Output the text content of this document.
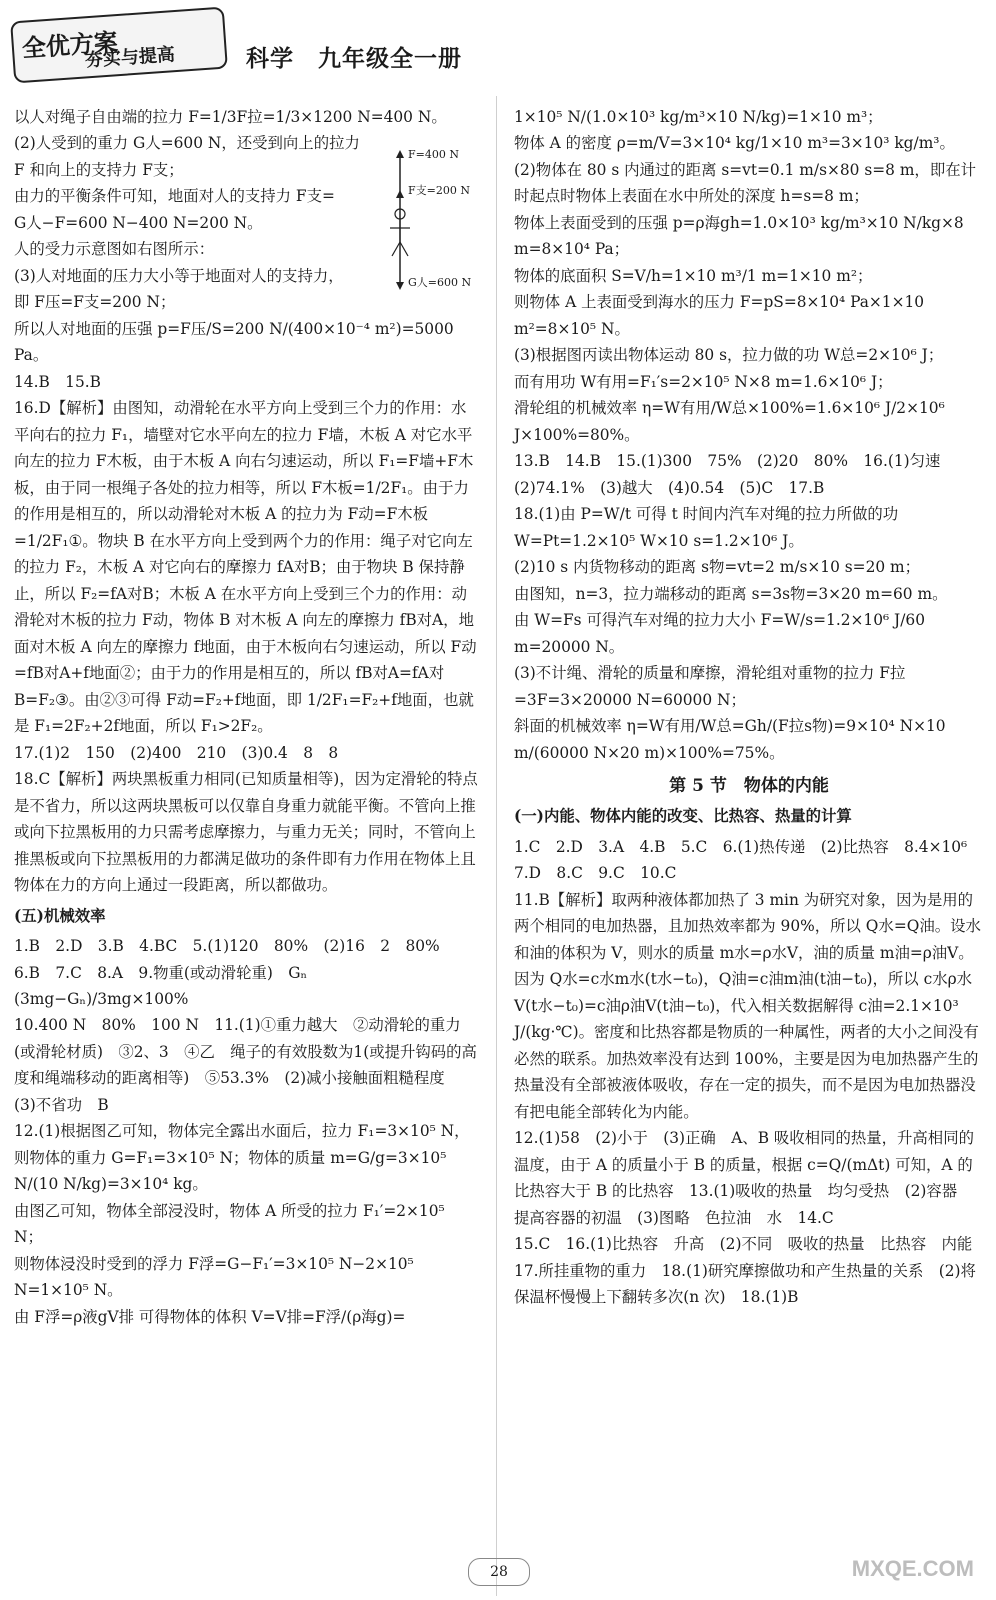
全优方案
夯实与提高	科学　九年级全一册

以人对绳子自由端的拉力 F=1/3F拉=1/3×1200 N=400 N。

(2)人受到的重力 G人=600 N，还受到向上的拉力

F 和向上的支持力 F支；

由力的平衡条件可知，地面对人的支持力 F支=

G人−F=600 N−400 N=200 N。

人的受力示意图如右图所示：

(3)人对地面的压力大小等于地面对人的支持力，

即 F压=F支=200 N；

所以人对地面的压强 p=F压/S=200 N/(400×10⁻⁴ m²)=5000 Pa。

14.B　15.B

16.D【解析】由图知，动滑轮在水平方向上受到三个力的作用：水平向右的拉力 F₁，墙壁对它水平向左的拉力 F墙，木板 A 对它水平向左的拉力 F木板，由于木板 A 向右匀速运动，所以 F₁=F墙+F木板，由于同一根绳子各处的拉力相等，所以 F木板=1/2F₁。由于力的作用是相互的，所以动滑轮对木板 A 的拉力为 F动=F木板=1/2F₁①。物块 B 在水平方向上受到两个力的作用：绳子对它向左的拉力 F₂，木板 A 对它向右的摩擦力 fA对B；由于物块 B 保持静止，所以 F₂=fA对B；木板 A 在水平方向上受到三个力的作用：动滑轮对木板的拉力 F动，物体 B 对木板 A 向左的摩擦力 fB对A，地面对木板 A 向左的摩擦力 f地面，由于木板向右匀速运动，所以 F动=fB对A+f地面②；由于力的作用是相互的，所以 fB对A=fA对B=F₂③。由②③可得 F动=F₂+f地面，即 1/2F₁=F₂+f地面，也就是 F₁=2F₂+2f地面，所以 F₁>2F₂。

17.(1)2　150　(2)400　210　(3)0.4　8　8

18.C【解析】两块黑板重力相同(已知质量相等)，因为定滑轮的特点是不省力，所以这两块黑板可以仅靠自身重力就能平衡。不管向上推或向下拉黑板用的力只需考虑摩擦力，与重力无关；同时，不管向上推黑板或向下拉黑板用的力都满足做功的条件即有力作用在物体上且物体在力的方向上通过一段距离，所以都做功。

(五)机械效率

1.B　2.D　3.B　4.BC　5.(1)120　80%　(2)16　2　80%

6.B　7.C　8.A　9.物重(或动滑轮重)　Gₙ　(3mg−Gₙ)/3mg×100%

10.400 N　80%　100 N　11.(1)①重力越大　②动滑轮的重力(或滑轮材质)　③2、3　④乙　绳子的有效股数为1(或提升钩码的高度和绳端移动的距离相等)　⑤53.3%　(2)减小接触面粗糙程度　(3)不省功　B

12.(1)根据图乙可知，物体完全露出水面后，拉力 F₁=3×10⁵ N，则物体的重力 G=F₁=3×10⁵ N；物体的质量 m=G/g=3×10⁵ N/(10 N/kg)=3×10⁴ kg。

由图乙可知，物体全部浸没时，物体 A 所受的拉力 F₁′=2×10⁵ N；

则物体浸没时受到的浮力 F浮=G−F₁′=3×10⁵ N−2×10⁵ N=1×10⁵ N。

由 F浮=ρ液gV排 可得物体的体积 V=V排=F浮/(ρ海g)=

F=400 N
F支=200 N
G人=600 N

1×10⁵ N/(1.0×10³ kg/m³×10 N/kg)=1×10 m³；

物体 A 的密度 ρ=m/V=3×10⁴ kg/1×10 m³=3×10³ kg/m³。

(2)物体在 80 s 内通过的距离 s=vt=0.1 m/s×80 s=8 m，即在计时起点时物体上表面在水中所处的深度 h=s=8 m；

物体上表面受到的压强 p=ρ海gh=1.0×10³ kg/m³×10 N/kg×8 m=8×10⁴ Pa；

物体的底面积 S=V/h=1×10 m³/1 m=1×10 m²；

则物体 A 上表面受到海水的压力 F=pS=8×10⁴ Pa×1×10 m²=8×10⁵ N。

(3)根据图丙读出物体运动 80 s，拉力做的功 W总=2×10⁶ J；

而有用功 W有用=F₁′s=2×10⁵ N×8 m=1.6×10⁶ J；

滑轮组的机械效率 η=W有用/W总×100%=1.6×10⁶ J/2×10⁶ J×100%=80%。

13.B　14.B　15.(1)300　75%　(2)20　80%　16.(1)匀速　(2)74.1%　(3)越大　(4)0.54　(5)C　17.B

18.(1)由 P=W/t 可得 t 时间内汽车对绳的拉力所做的功 W=Pt=1.2×10⁵ W×10 s=1.2×10⁶ J。

(2)10 s 内货物移动的距离 s物=vt=2 m/s×10 s=20 m；

由图知，n=3，拉力端移动的距离 s=3s物=3×20 m=60 m。

由 W=Fs 可得汽车对绳的拉力大小 F=W/s=1.2×10⁶ J/60 m=20000 N。

(3)不计绳、滑轮的质量和摩擦，滑轮组对重物的拉力 F拉=3F=3×20000 N=60000 N；

斜面的机械效率 η=W有用/W总=Gh/(F拉s物)=9×10⁴ N×10 m/(60000 N×20 m)×100%=75%。

第 5 节　物体的内能

(一)内能、物体内能的改变、比热容、热量的计算

1.C　2.D　3.A　4.B　5.C　6.(1)热传递　(2)比热容　8.4×10⁶　7.D　8.C　9.C　10.C

11.B【解析】取两种液体都加热了 3 min 为研究对象，因为是用的两个相同的电加热器，且加热效率都为 90%，所以 Q水=Q油。设水和油的体积为 V，则水的质量 m水=ρ水V，油的质量 m油=ρ油V。因为 Q水=c水m水(t水−t₀)，Q油=c油m油(t油−t₀)，所以 c水ρ水V(t水−t₀)=c油ρ油V(t油−t₀)，代入相关数据解得 c油=2.1×10³ J/(kg·℃)。密度和比热容都是物质的一种属性，两者的大小之间没有必然的联系。加热效率没有达到 100%，主要是因为电加热器产生的热量没有全部被液体吸收，存在一定的损失，而不是因为电加热器没有把电能全部转化为内能。

12.(1)58　(2)小于　(3)正确　A、B 吸收相同的热量，升高相同的温度，由于 A 的质量小于 B 的质量，根据 c=Q/(mΔt) 可知，A 的比热容大于 B 的比热容　13.(1)吸收的热量　均匀受热　(2)容器　提高容器的初温　(3)图略　色拉油　水　14.C

15.C　16.(1)比热容　升高　(2)不同　吸收的热量　比热容　内能　17.所挂重物的重力　18.(1)研究摩擦做功和产生热量的关系　(2)将保温杯慢慢上下翻转多次(n 次)　18.(1)B

28	MXQE.COM
